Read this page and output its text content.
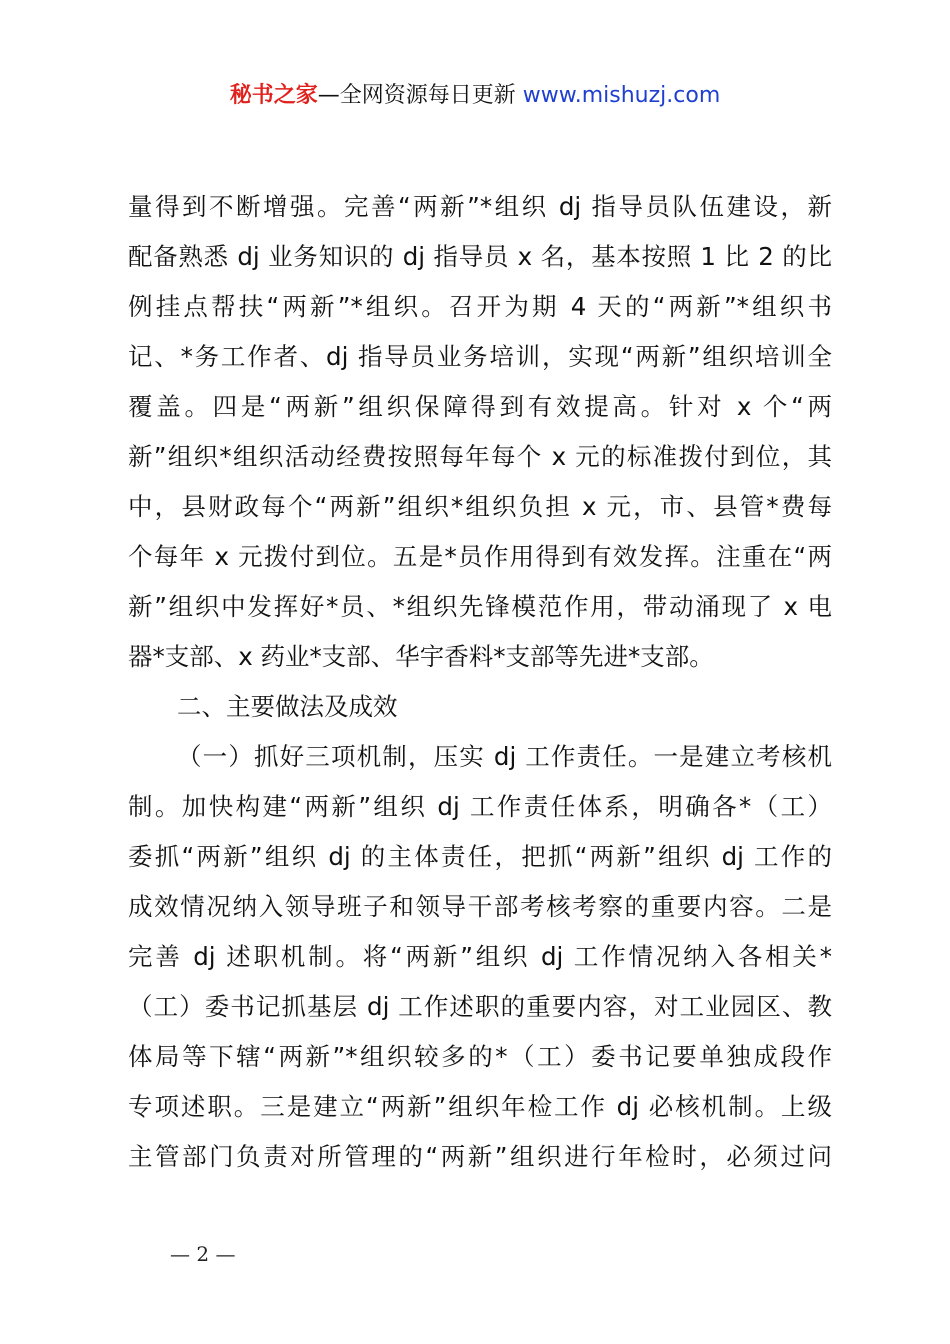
秘书之家—全网资源每日更新 www.mishuzj.com
量得到不断增强。完善“两新”*组织 dj 指导员队伍建设，新
配备熟悉 dj 业务知识的 dj 指导员 x 名，基本按照 1 比 2 的比
例挂点帮扶“两新”*组织。召开为期 4 天的“两新”*组织书
记、*务工作者、dj 指导员业务培训，实现“两新”组织培训全
覆盖。四是“两新”组织保障得到有效提高。针对 x 个“两
新”组织*组织活动经费按照每年每个 x 元的标准拨付到位，其
中，县财政每个“两新”组织*组织负担 x 元，市、县管*费每
个每年 x 元拨付到位。五是*员作用得到有效发挥。注重在“两
新”组织中发挥好*员、*组织先锋模范作用，带动涌现了 x 电
器*支部、x 药业*支部、华宇香料*支部等先进*支部。
二、主要做法及成效
（一）抓好三项机制，压实 dj 工作责任。一是建立考核机
制。加快构建“两新”组织 dj 工作责任体系，明确各*（工）
委抓“两新”组织 dj 的主体责任，把抓“两新”组织 dj 工作的
成效情况纳入领导班子和领导干部考核考察的重要内容。二是
完善 dj 述职机制。将“两新”组织 dj 工作情况纳入各相关*
（工）委书记抓基层 dj 工作述职的重要内容，对工业园区、教
体局等下辖“两新”*组织较多的*（工）委书记要单独成段作
专项述职。三是建立“两新”组织年检工作 dj 必核机制。上级
主管部门负责对所管理的“两新”组织进行年检时，必须过问
— 2 —
